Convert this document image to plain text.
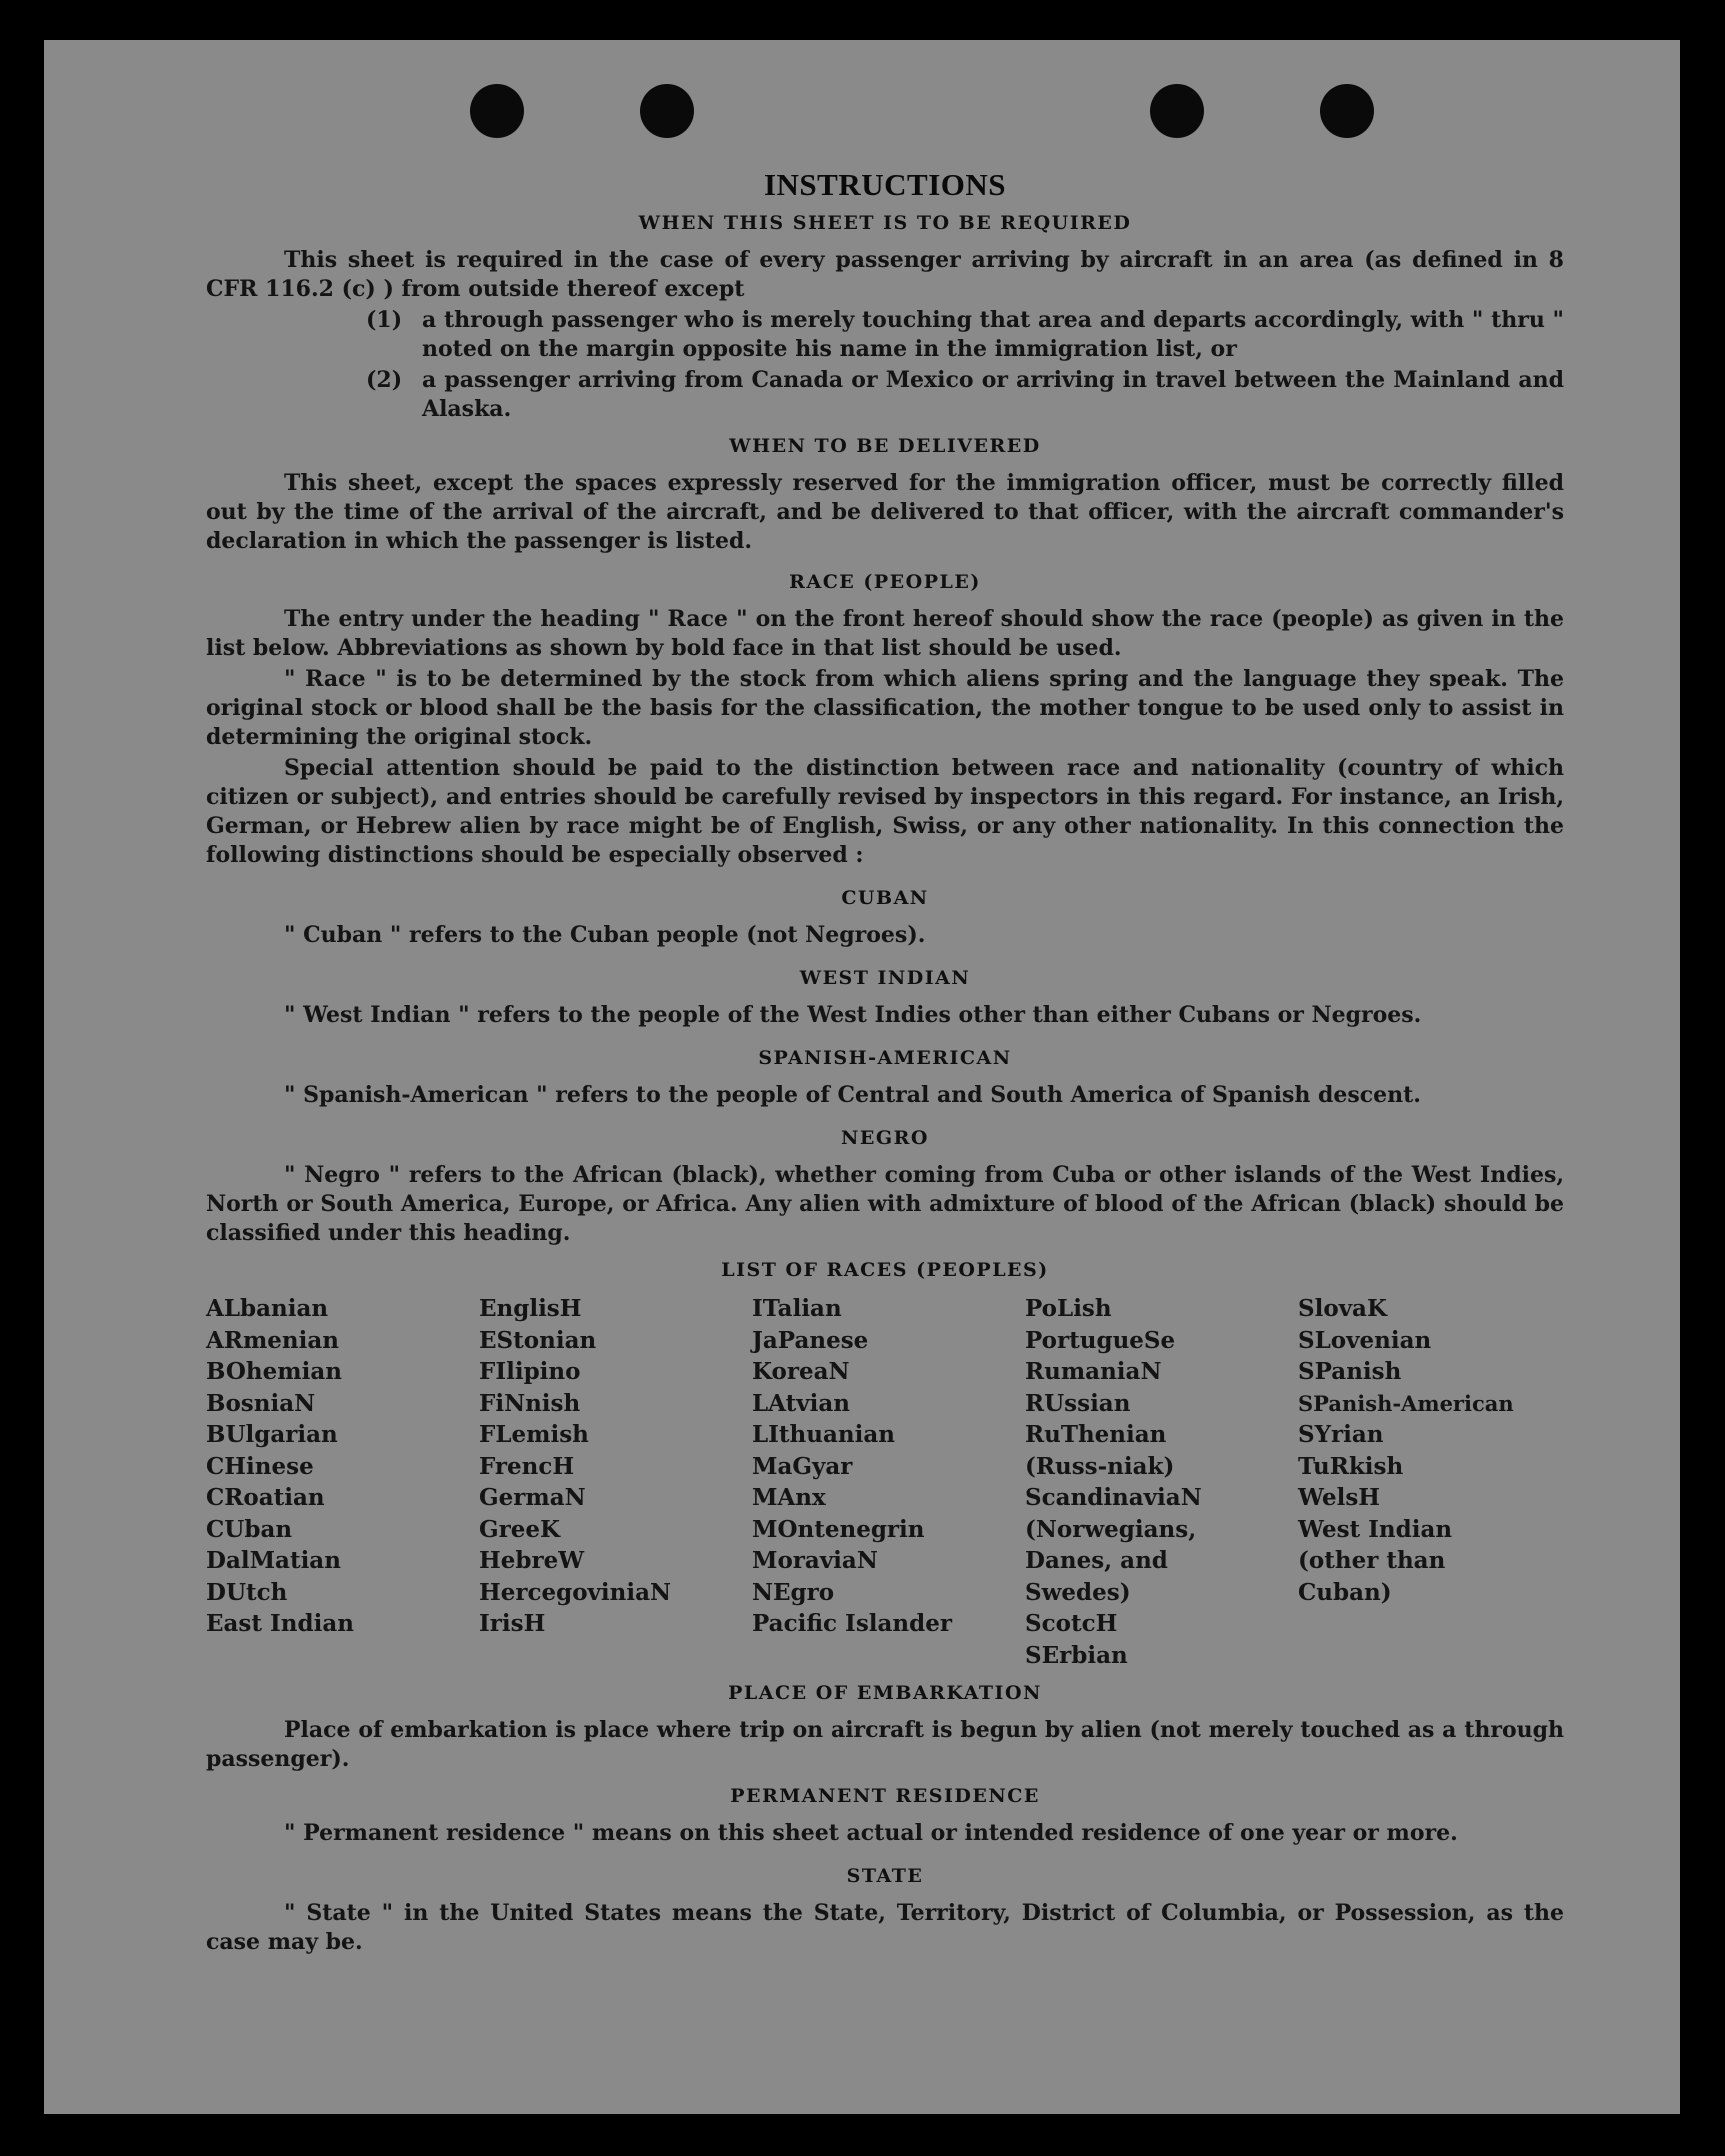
INSTRUCTIONS
WHEN THIS SHEET IS TO BE REQUIRED

This sheet is required in the case of every passenger arriving by aircraft in an area (as defined in 8 CFR 116.2 (c) ) from outside thereof except

(1) a through passenger who is merely touching that area and departs accordingly, with " thru " noted on the margin opposite his name in the immigration list, or
(2) a passenger arriving from Canada or Mexico or arriving in travel between the Mainland and Alaska.
WHEN TO BE DELIVERED

This sheet, except the spaces expressly reserved for the immigration officer, must be correctly filled out by the time of the arrival of the aircraft, and be delivered to that officer, with the aircraft commander's declaration in which the passenger is listed.

RACE (PEOPLE)

The entry under the heading " Race " on the front hereof should show the race (people) as given in the list below. Abbreviations as shown by bold face in that list should be used.

" Race " is to be determined by the stock from which aliens spring and the language they speak. The original stock or blood shall be the basis for the classification, the mother tongue to be used only to assist in determining the original stock.

Special attention should be paid to the distinction between race and nationality (country of which citizen or subject), and entries should be carefully revised by inspectors in this regard. For instance, an Irish, German, or Hebrew alien by race might be of English, Swiss, or any other nationality. In this connection the following distinctions should be especially observed :

CUBAN

" Cuban " refers to the Cuban people (not Negroes).

WEST INDIAN

" West Indian " refers to the people of the West Indies other than either Cubans or Negroes.

SPANISH-AMERICAN

" Spanish-American " refers to the people of Central and South America of Spanish descent.

NEGRO

" Negro " refers to the African (black), whether coming from Cuba or other islands of the West Indies, North or South America, Europe, or Africa. Any alien with admixture of blood of the African (black) should be classified under this heading.

LIST OF RACES (PEOPLES)
ALbanian
ARmenian
BOhemian
BosniaN
BUlgarian
CHinese
CRoatian
CUban
DalMatian
DUtch
East Indian
EnglisH
EStonian
FIlipino
FiNnish
FLemish
FrencH
GermaN
GreeK
HebreW
HercegoviniaN
IrisH
ITalian
JaPanese
KoreaN
LAtvian
LIthuanian
MaGyar
MAnx
MOntenegrin
MoraviaN
NEgro
Pacific Islander
PoLish
PortugueSe
RumaniaN
RUssian
RuThenian (Russ-niak)
ScandinaviaN (Norwegians, Danes, and Swedes)
ScotcH
SErbian
SlovaK
SLovenian
SPanish
SPanish-American
SYrian
TuRkish
WelsH
West Indian (other than Cuban)
PLACE OF EMBARKATION

Place of embarkation is place where trip on aircraft is begun by alien (not merely touched as a through passenger).

PERMANENT RESIDENCE

" Permanent residence " means on this sheet actual or intended residence of one year or more.

STATE

" State " in the United States means the State, Territory, District of Columbia, or Possession, as the case may be.
